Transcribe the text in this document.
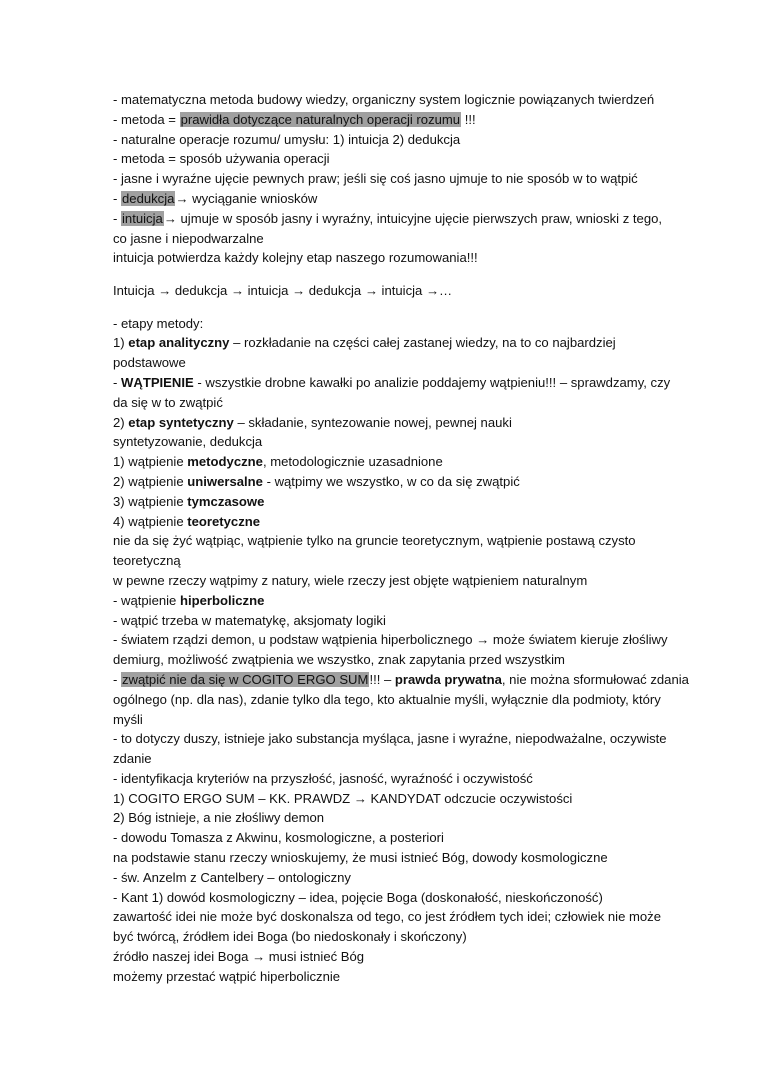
- matematyczna metoda budowy wiedzy, organiczny system logicznie powiązanych twierdzeń
- metoda = prawidła dotyczące naturalnych operacji rozumu !!!
- naturalne operacje rozumu/ umysłu: 1) intuicja 2) dedukcja
- metoda = sposób używania operacji
- jasne i wyraźne ujęcie pewnych praw; jeśli się coś jasno ujmuje to nie sposób w to wątpić
- dedukcja→ wyciąganie wniosków
- intuicja→ ujmuje w sposób jasny i wyraźny, intuicyjne ujęcie pierwszych praw, wnioski z tego,
co jasne i niepodwarzalne
intuicja potwierdza każdy kolejny etap naszego rozumowania!!!
Intuicja → dedukcja → intuicja → dedukcja → intuicja →…
- etapy metody:
1) etap analityczny – rozkładanie na części całej zastanej wiedzy, na to co najbardziej
podstawowe
- WĄTPIENIE - wszystkie drobne kawałki po analizie poddajemy wątpieniu!!! – sprawdzamy, czy
da się w to zwątpić
2) etap syntetyczny – składanie, syntezowanie nowej, pewnej nauki
syntetyzowanie, dedukcja
1) wątpienie metodyczne, metodologicznie uzasadnione
2) wątpienie uniwersalne - wątpimy we wszystko, w co da się zwątpić
3) wątpienie tymczasowe
4) wątpienie teoretyczne
nie da się żyć wątpiąc, wątpienie tylko na gruncie teoretycznym, wątpienie postawą czysto
teoretyczną
w pewne rzeczy wątpimy z natury, wiele rzeczy jest objęte wątpieniem naturalnym
- wątpienie hiperboliczne
- wątpić trzeba w matematykę, aksjomaty logiki
- światem rządzi demon, u podstaw wątpienia hiperbolicznego → może światem kieruje złośliwy
demiurg, możliwość zwątpienia we wszystko, znak zapytania przed wszystkim
- zwątpić nie da się w COGITO ERGO SUM!!! – prawda prywatna, nie można sformułować zdania
ogólnego (np. dla nas), zdanie tylko dla tego, kto aktualnie myśli, wyłącznie dla podmioty, który
myśli
- to dotyczy duszy, istnieje jako substancja myśląca, jasne i wyraźne, niepodważalne, oczywiste
zdanie
- identyfikacja kryteriów na przyszłość, jasność, wyraźność i oczywistość
1) COGITO ERGO SUM – KK. PRAWDZ → KANDYDAT odczucie oczywistości
2) Bóg istnieje, a nie złośliwy demon
- dowodu Tomasza z Akwinu, kosmologiczne, a posteriori
na podstawie stanu rzeczy wnioskujemy, że musi istnieć Bóg, dowody kosmologiczne
- św. Anzelm z Cantelbery – ontologiczny
- Kant 1) dowód kosmologiczny – idea, pojęcie Boga (doskonałość, nieskończoność)
zawartość idei nie może być doskonalsza od tego, co jest źródłem tych idei; człowiek nie może
być twórcą, źródłem idei Boga (bo niedoskonały i skończony)
źródło naszej idei Boga → musi istnieć Bóg
możemy przestać wątpić hiperbolicznie
